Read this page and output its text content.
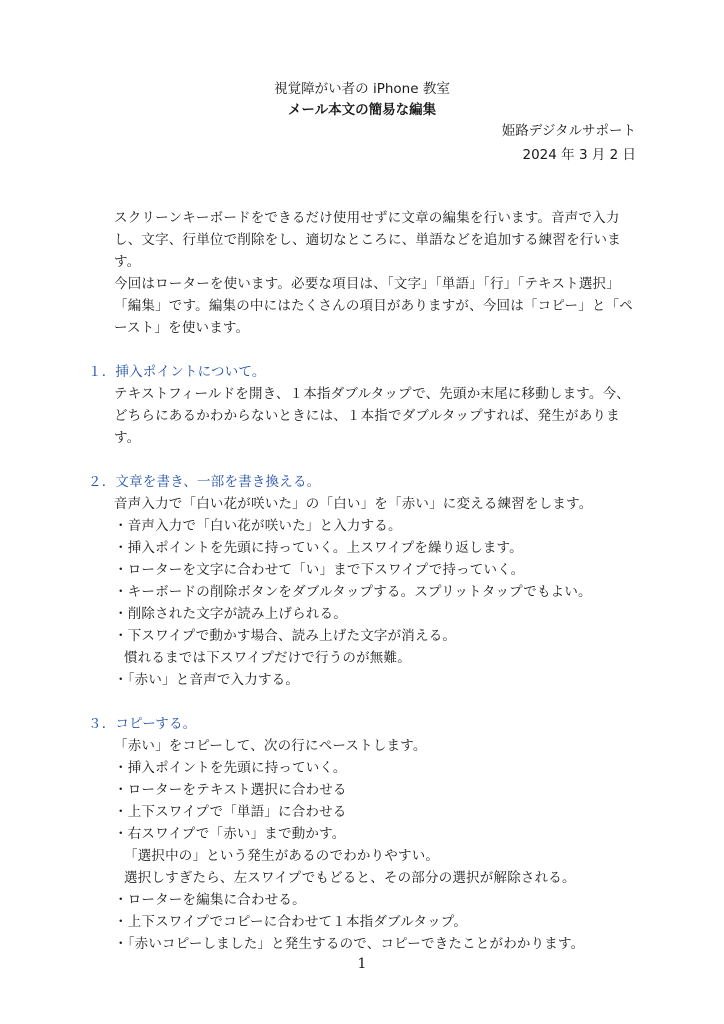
視覚障がい者の iPhone 教室
メール本文の簡易な編集
姫路デジタルサポート
2024 年 3 月 2 日

スクリーンキーボードをできるだけ使用せずに文章の編集を行います。音声で入力し、文字、行単位で削除をし、適切なところに、単語などを追加する練習を行います。

今回はローターを使います。必要な項目は、「文字」「単語」「行」「テキスト選択」「編集」です。編集の中にはたくさんの項目がありますが、今回は「コピー」と「ペースト」を使います。

１．挿入ポイントについて。

テキストフィールドを開き、１本指ダブルタップで、先頭か末尾に移動します。今、どちらにあるかわからないときには、１本指でダブルタップすれば、発生があります。

２．文章を書き、一部を書き換える。

音声入力で「白い花が咲いた」の「白い」を「赤い」に変える練習をします。

・音声入力で「白い花が咲いた」と入力する。
・挿入ポイントを先頭に持っていく。上スワイプを繰り返します。
・ローターを文字に合わせて「い」まで下スワイプで持っていく。
・キーボードの削除ボタンをダブルタップする。スプリットタップでもよい。
・削除された文字が読み上げられる。
・下スワイプで動かす場合、読み上げた文字が消える。
慣れるまでは下スワイプだけで行うのが無難。
・「赤い」と音声で入力する。

３．コピーする。

「赤い」をコピーして、次の行にペーストします。

・挿入ポイントを先頭に持っていく。
・ローターをテキスト選択に合わせる
・上下スワイプで「単語」に合わせる
・右スワイプで「赤い」まで動かす。
「選択中の」という発生があるのでわかりやすい。
選択しすぎたら、左スワイプでもどると、その部分の選択が解除される。
・ローターを編集に合わせる。
・上下スワイプでコピーに合わせて１本指ダブルタップ。
・「赤いコピーしました」と発生するので、コピーできたことがわかります。
1
